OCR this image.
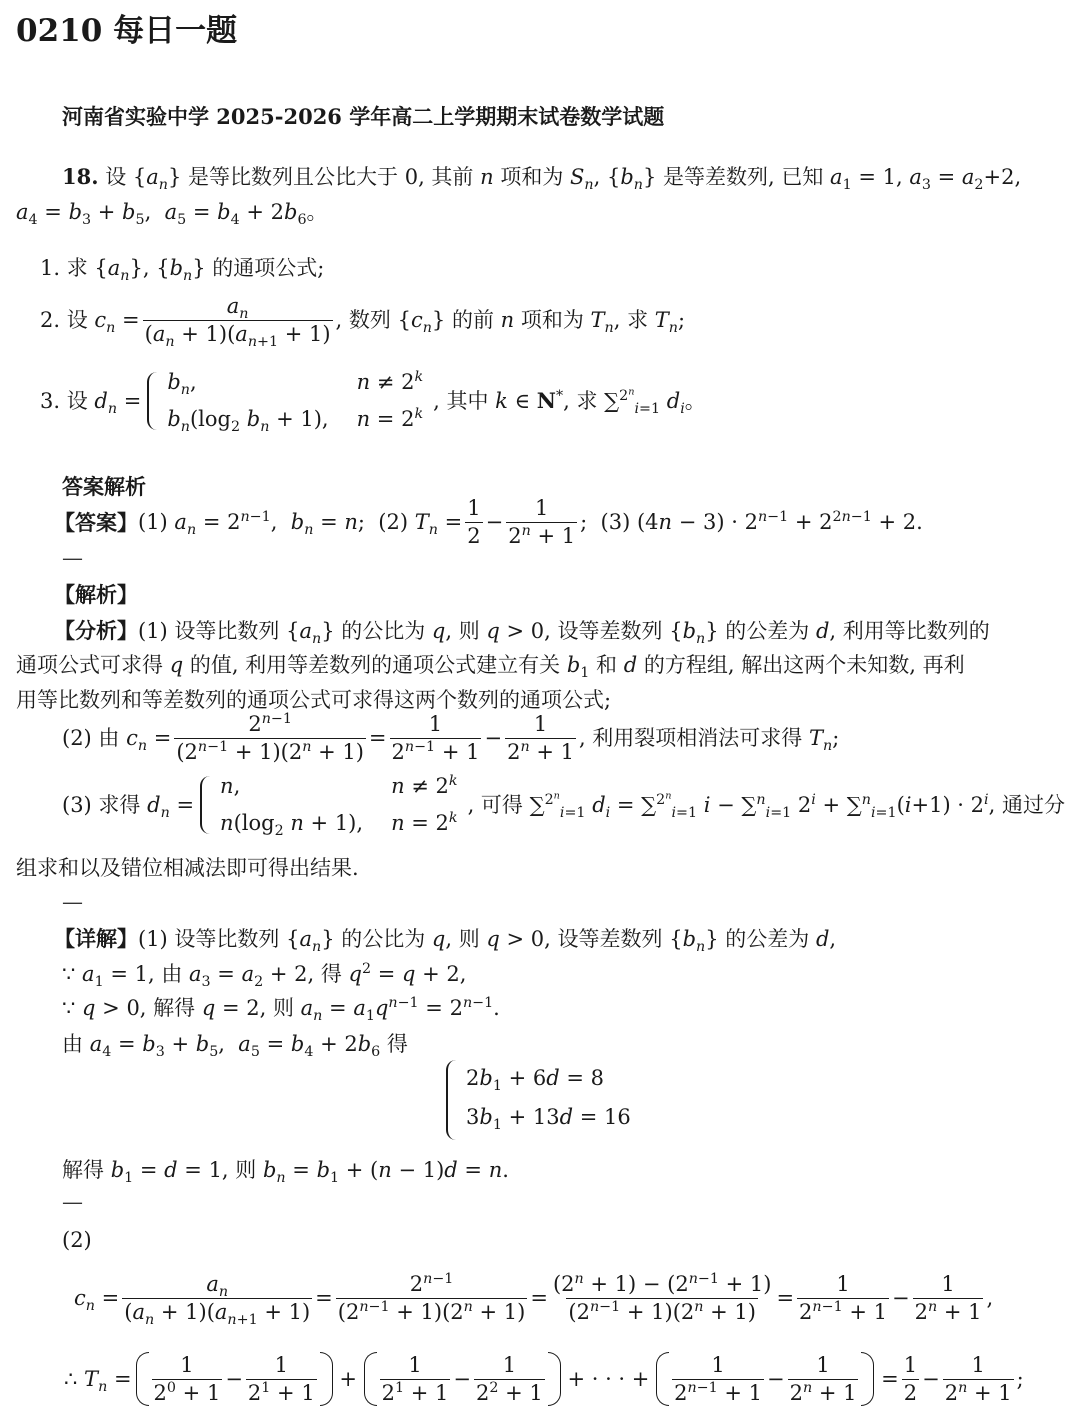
0210 每日一题
河南省实验中学 2025-2026 学年高二上学期期末试卷数学试题
18. 设 $\{a_n\}$ 是等比数列且公比大于 0, 其前 n 项和为 $S_n$, $\{b_n\}$ 是等差数列, 已知 $a_1 = 1$, $a_3 = a_2+2$,
$a_4 = b_3 + b_5$,  $a_5 = b_4 + 2b_6$。
1. 求 $\{a_n\}$, $\{b_n\}$ 的通项公式;
2. 设 $c_n = \frac{a_n}{(a_n + 1)(a_{n+1} + 1)}$ , 数列 $\{c_n\}$ 的前 n 项和为 $T_n$, 求 $T_n$;
3. 设 $d_n$ =
$b_n$,	$n \ne 2^k$
$b_n(\log_2$ $b_n + 1$), $n = 2^k$
, 其中 k ∈ N*, 求 ∑$^{2^n}_{i=1}$ $d_i$。
答案解析
【答案】 (1) $a_n = 2^{n-1}$,  $b_n = n$;  (2) $T_n = \frac{1}{2} - \frac{1}{2^n + 1}$ ;  (3) $(4n - 3) \cdot 2^{n-1} + 2^{2n-1} + 2$.
—
【解析】
【分析】(1) 设等比数列 $\{a_n\}$ 的公比为 q, 则 q > 0, 设等差数列 $\{b_n\}$ 的公差为 d, 利用等比数列的
通项公式可求得 q 的值, 利用等差数列的通项公式建立有关 $b_1$ 和 d 的方程组, 解出这两个未知数, 再利
用等比数列和等差数列的通项公式可求得这两个数列的通项公式;
(2) 由 $c_n = \frac{2^{n-1}}{(2^{n-1} + 1)(2^n + 1)} = \frac{1}{2^{n-1} + 1} - \frac{1}{2^n + 1}$ , 利用裂项相消法可求得 $T_n$;
(3) 求得 $d_n$ =
n,	$n \ne 2^k$
$n(\log_2$ n + 1), $n = 2^k$
, 可得 ∑$^{2^n}_{i=1}$ $d_i = \sum^{2^n}_{i=1}$ i − ∑$^n_{i=1}$ $2^i + \sum^n_{i=1}(i+1) \cdot 2^i$, 通过分
组求和以及错位相减法即可得出结果.
—
【详解】(1) 设等比数列 $\{a_n\}$ 的公比为 q, 则 q > 0, 设等差数列 $\{b_n\}$ 的公差为 d,
∵ $a_1 = 1$, 由 $a_3 = a_2 + 2$, 得 $q^2 = q + 2$,
∵ q > 0, 解得 q = 2, 则 $a_n = a_1q^{n-1} = 2^{n-1}$.
由 $a_4 = b_3 + b_5$,  $a_5 = b_4 + 2b_6$ 得
$2b_1 + 6d = 8$
$3b_1 + 13d = 16$
解得 $b_1 = d = 1$, 则 $b_n = b_1 + (n - 1)d = n$.
—
(2)
$c_n = \frac{a_n}{(a_n + 1)(a_{n+1} + 1)} = \frac{2^{n-1}}{(2^{n-1} + 1)(2^n + 1)} = \frac{(2^n + 1) - (2^{n-1} + 1)}{(2^{n-1} + 1)(2^n + 1)} = \frac{1}{2^{n-1} + 1} - \frac{1}{2^n + 1}$ ,
∴ $T_n = \frac{1}{2^0 + 1} - \frac{1}{2^1 + 1} + \frac{1}{2^1 + 1} - \frac{1}{2^2 + 1}$ + · · · + $\frac{1}{2^{n-1} + 1} - \frac{1}{2^n + 1} = \frac{1}{2} - \frac{1}{2^n + 1}$ ;
